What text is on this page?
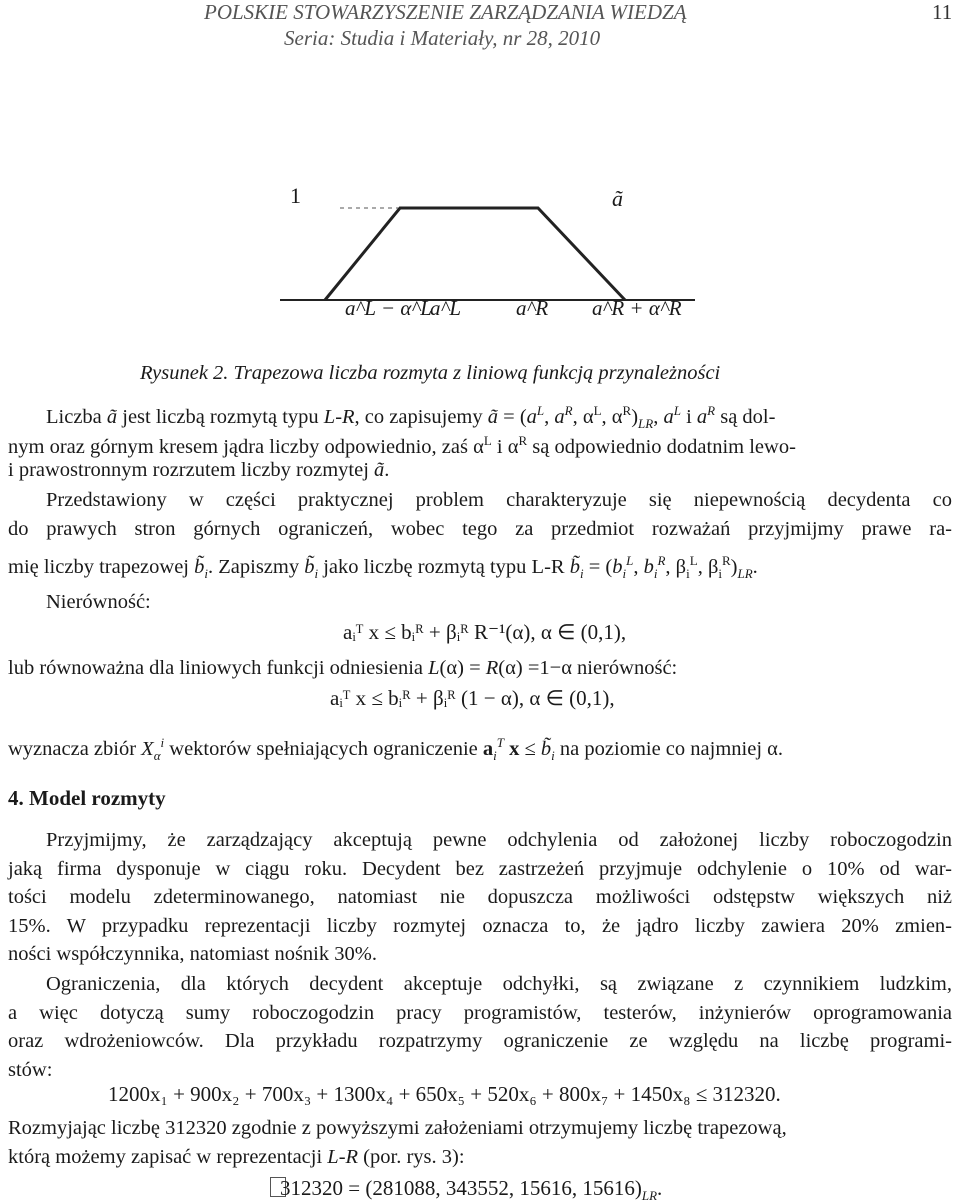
POLSKIE STOWARZYSZENIE ZARZĄDZANIA WIEDZĄ
Seria: Studia i Materiały, nr 28, 2010
11
1	ã
a^L − α^L
a^L	a^R a^R + α^R
Rysunek 2. Trapezowa liczba rozmyta z liniową funkcją przynależności
Liczba ã jest liczbą rozmytą typu L-R, co zapisujemy ã = ($a^L$, $a^R$, $\alpha^L$, $\alpha^R)_{LR}$, $a^L$ i $a^R$ są dol-
nym oraz górnym kresem jądra liczby odpowiednio, zaś $\alpha^L$ i $\alpha^R$ są odpowiednio dodatnim lewo-
i prawostronnym rozrzutem liczby rozmytej ã.
Przedstawiony w części praktycznej problem charakteryzuje się niepewnością decydenta co
do prawych stron górnych ograniczeń, wobec tego za przedmiot rozważań przyjmijmy prawe ra-
mię liczby trapezowej $b̃_i$. Zapiszmy $b̃_i$ jako liczbę rozmytą typu L-R $b̃_i = (b_i^L$, $b_i^R$, $\beta_i^L$, $\beta_i^R)_{LR}$.
Nierówność:
aᵢᵀ x ≤ bᵢᴿ + βᵢᴿ R⁻¹(α), α ∈ (0,1),
lub równoważna dla liniowych funkcji odniesienia L(α) = R(α) =1−α nierówność:
aᵢᵀ x ≤ bᵢᴿ + βᵢᴿ (1 − α), α ∈ (0,1),
wyznacza zbiór $X_\alpha^i$ wektorów spełniających ograniczenie $a_i^T$ $x \le b̃_i$ na poziomie co najmniej α.
4. Model rozmyty
Przyjmijmy, że zarządzający akceptują pewne odchylenia od założonej liczby roboczogodzin
jaką firma dysponuje w ciągu roku. Decydent bez zastrzeżeń przyjmuje odchylenie o 10% od war-
tości modelu zdeterminowanego, natomiast nie dopuszcza możliwości odstępstw większych niż
15%. W przypadku reprezentacji liczby rozmytej oznacza to, że jądro liczby zawiera 20% zmien-
ności współczynnika, natomiast nośnik 30%.
Ograniczenia, dla których decydent akceptuje odchyłki, są związane z czynnikiem ludzkim,
a więc dotyczą sumy roboczogodzin pracy programistów, testerów, inżynierów oprogramowania
oraz wdrożeniowców. Dla przykładu rozpatrzymy ograniczenie ze względu na liczbę programi-
stów:
1200x₁ + 900x₂ + 700x₃ + 1300x₄ + 650x₅ + 520x₆ + 800x₇ + 1450x₈ ≤ 312320.
Rozmyjając liczbę 312320 zgodnie z powyższymi założeniami otrzymujemy liczbę trapezową,
którą możemy zapisać w reprezentacji L-R (por. rys. 3):
312320 = (281088, 343552, 15616, $15616)_{LR}$.
